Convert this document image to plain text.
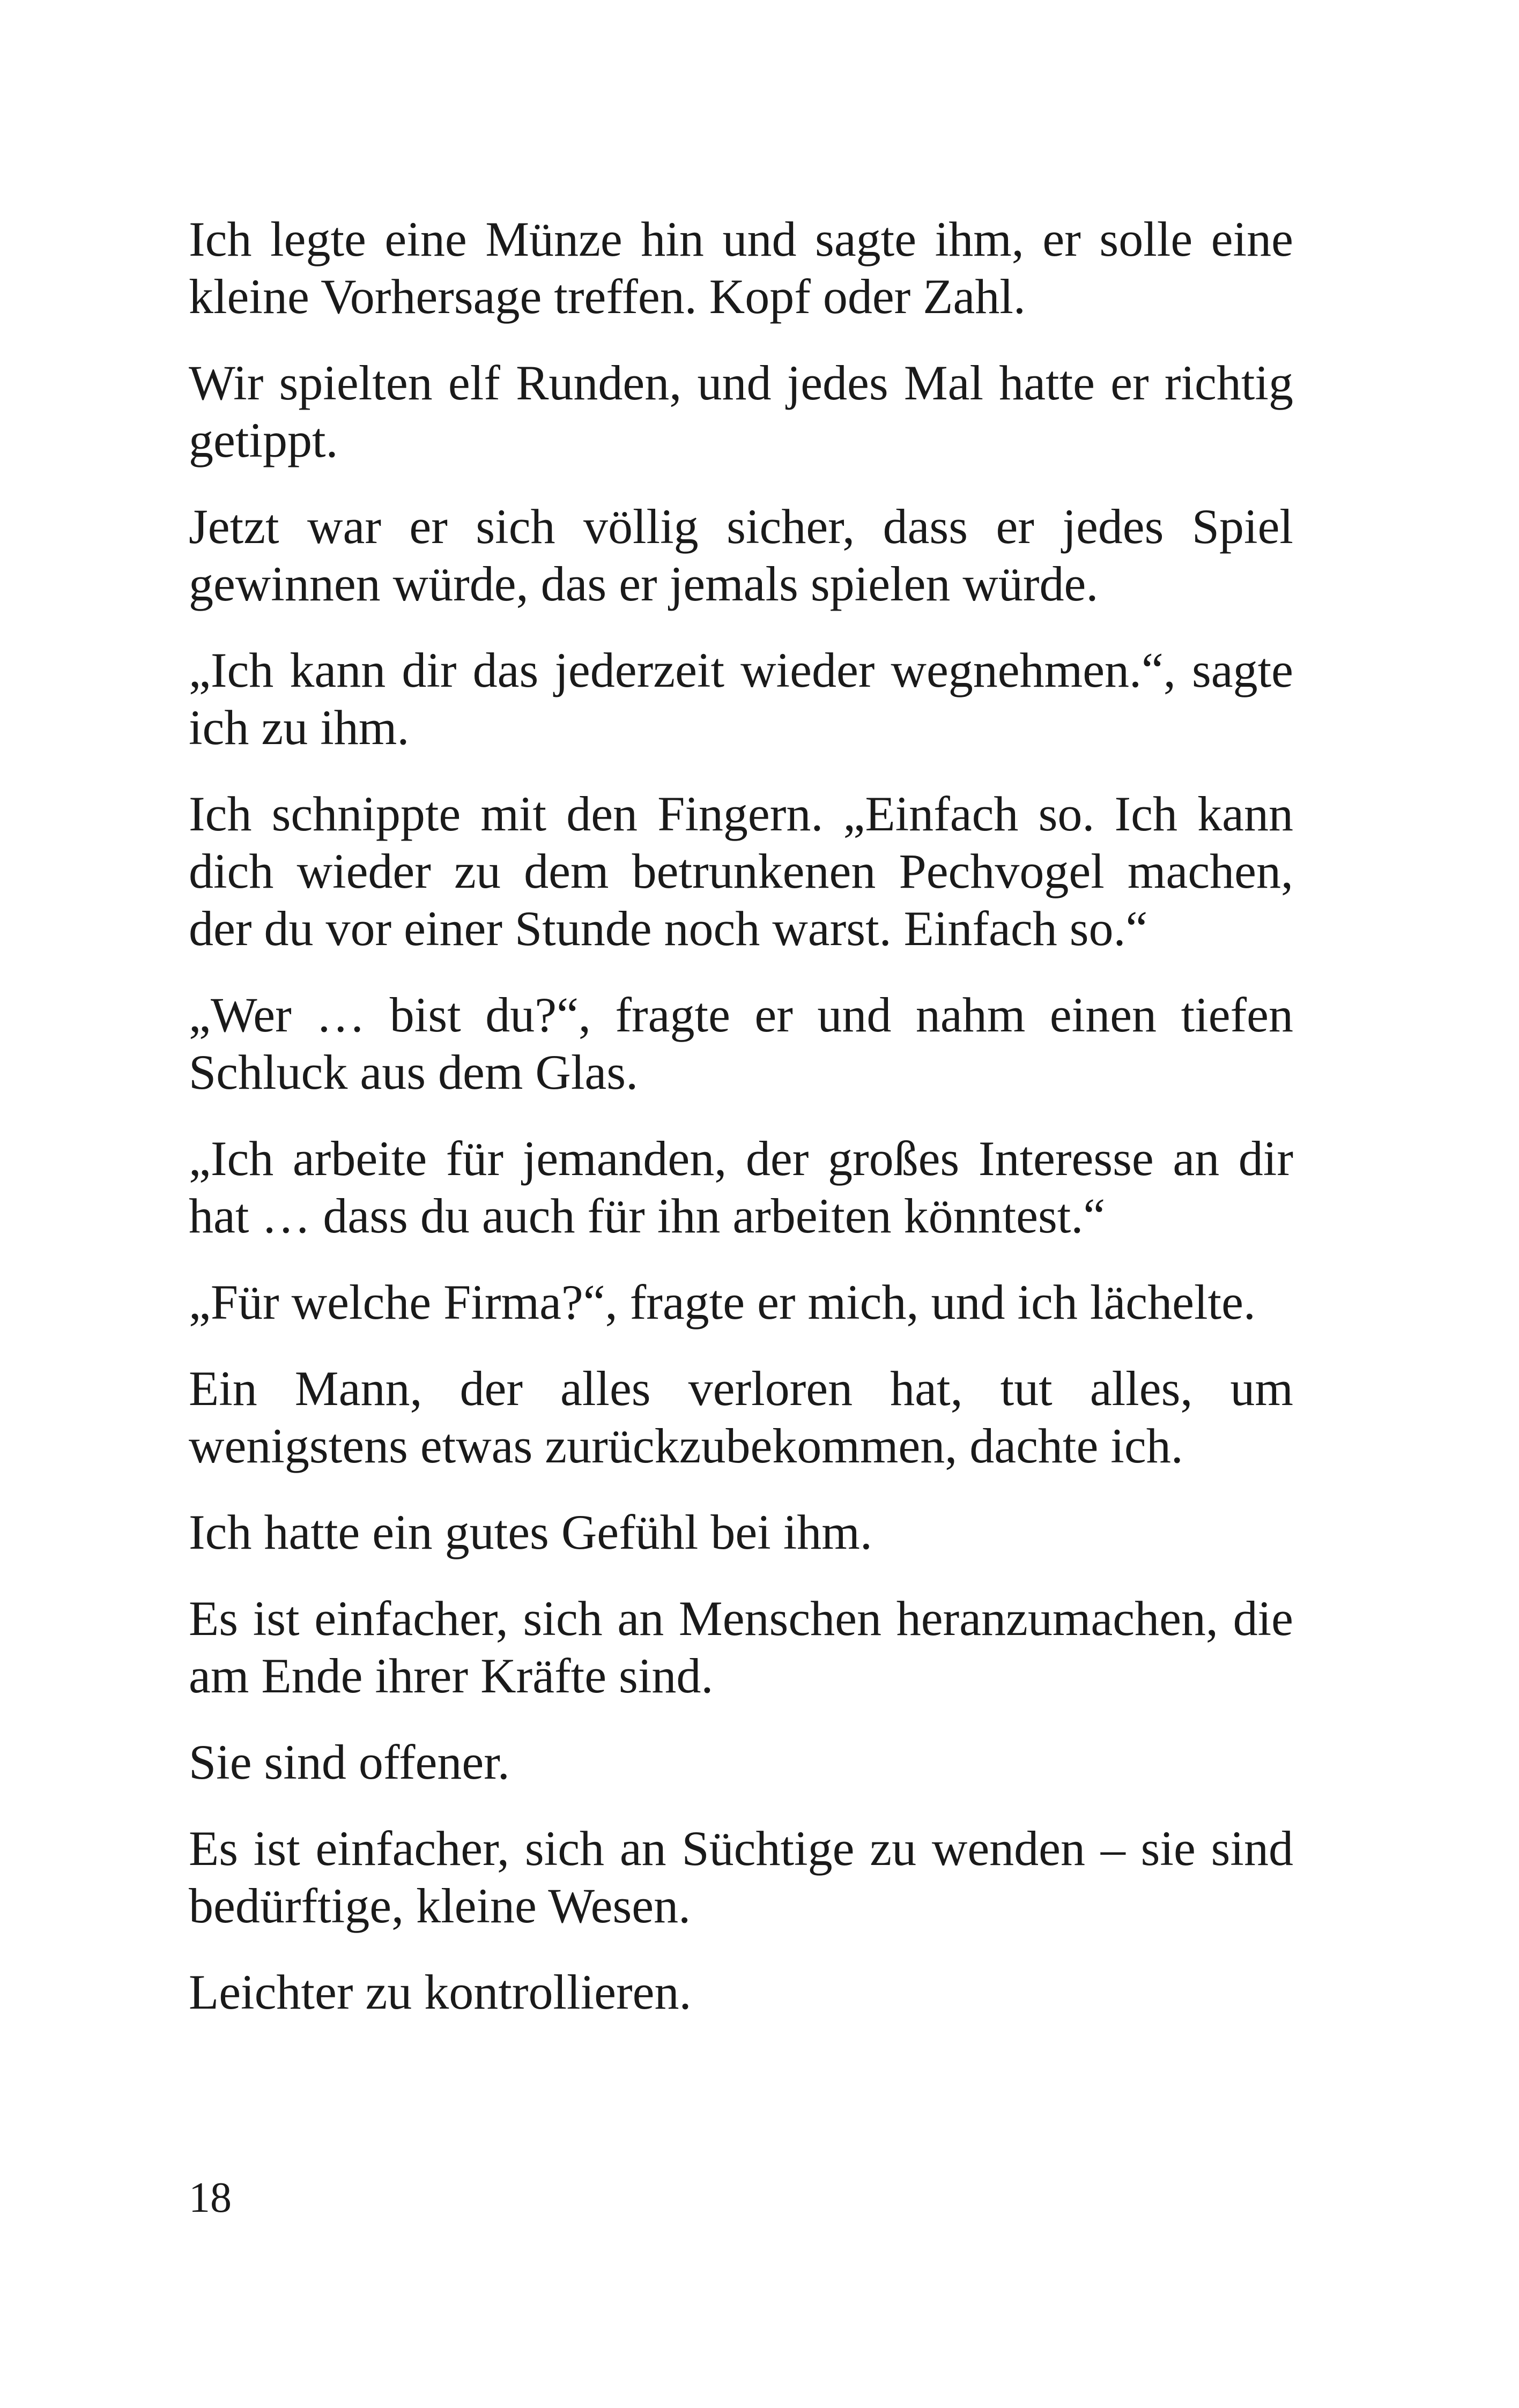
Ich legte eine Münze hin und sagte ihm, er solle eine kleine Vorhersage treffen. Kopf oder Zahl.

Wir spielten elf Runden, und jedes Mal hatte er richtig getippt.

Jetzt war er sich völlig sicher, dass er jedes Spiel gewinnen würde, das er jemals spielen würde.

„Ich kann dir das jederzeit wieder wegnehmen.“, sagte ich zu ihm.

Ich schnippte mit den Fingern. „Einfach so. Ich kann dich wieder zu dem betrunkenen Pechvogel machen, der du vor einer Stunde noch warst. Einfach so.“

„Wer … bist du?“, fragte er und nahm einen tiefen Schluck aus dem Glas.

„Ich arbeite für jemanden, der großes Interesse an dir hat … dass du auch für ihn arbeiten könntest.“

„Für welche Firma?“, fragte er mich, und ich lächelte.

Ein Mann, der alles verloren hat, tut alles, um wenigstens etwas zurückzubekommen, dachte ich.

Ich hatte ein gutes Gefühl bei ihm.

Es ist einfacher, sich an Menschen heranzumachen, die am Ende ihrer Kräfte sind.

Sie sind offener.

Es ist einfacher, sich an Süchtige zu wenden – sie sind bedürftige, kleine Wesen.

Leichter zu kontrollieren.

18
